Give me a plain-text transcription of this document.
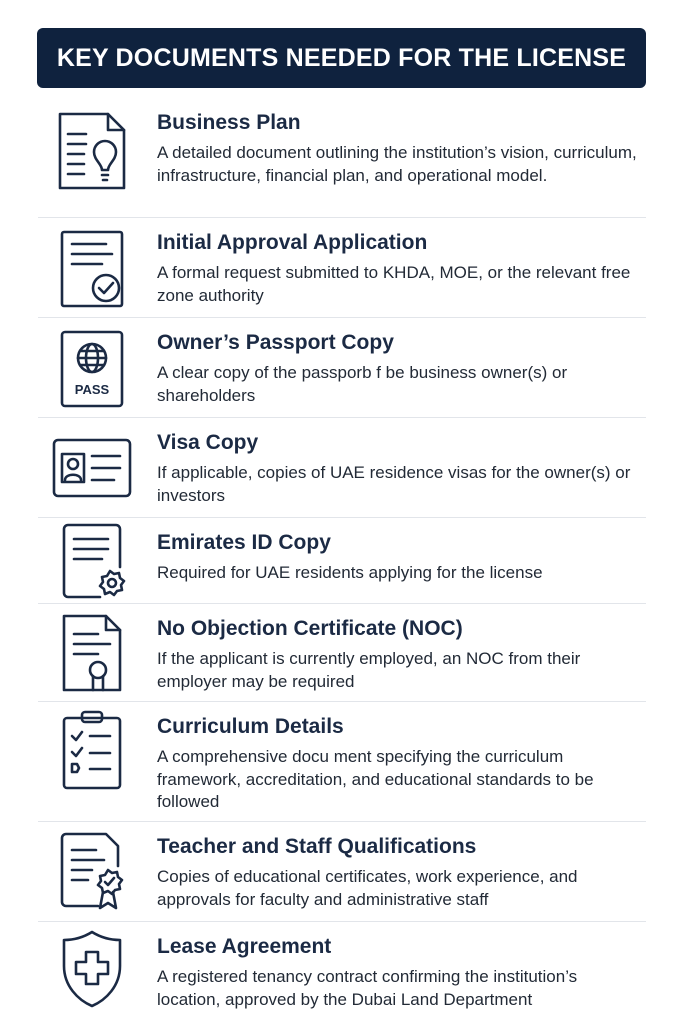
KEY DOCUMENTS NEEDED FOR THE LICENSE
Business Plan
A detailed document outlining the institution’s vision, curriculum, infrastructure, financial plan, and operational model.
Initial Approval Application
A formal request submitted to KHDA, MOE, or the relevant free zone authority
PASS
Owner’s Passport Copy
A clear copy of the passporb f be business owner(s) or shareholders
Visa Copy
If applicable, copies of UAE residence visas for the owner(s) or investors
Emirates ID Copy
Required for UAE residents applying for the license
No Objection Certificate (NOC)
If the applicant is currently employed, an NOC from their employer may be required
Curriculum Details
A comprehensive docu ment specifying the curriculum framework, accreditation, and educational standards to be followed
Teacher and Staff Qualifications
Copies of educational certificates, work experience, and approvals for faculty and administrative staff
Lease Agreement
A registered tenancy contract confirming the institution’s location, approved by the Dubai Land Department
